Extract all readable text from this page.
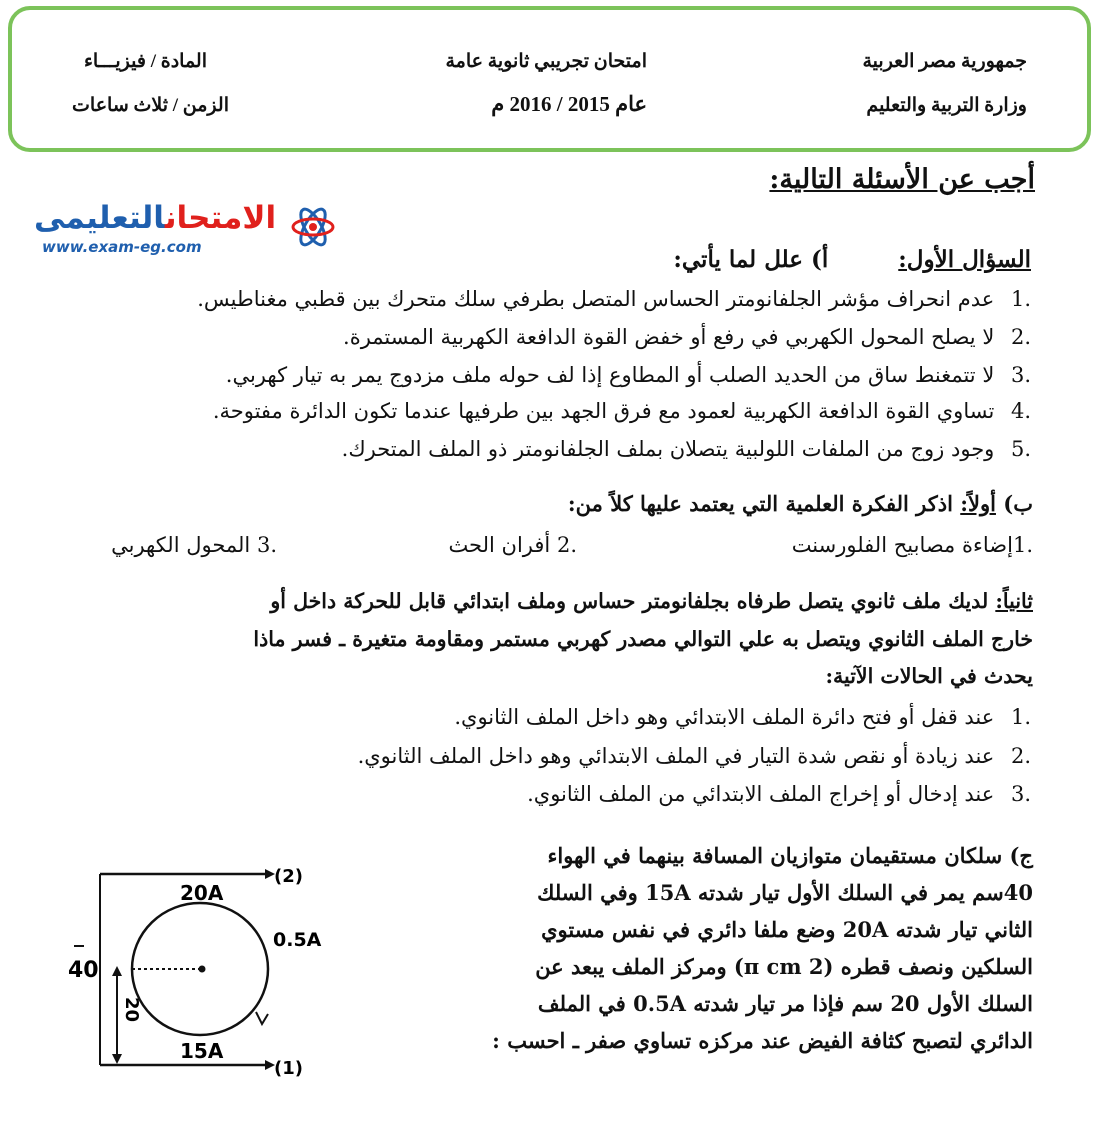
جمهورية مصر العربية
وزارة التربية والتعليم
امتحان تجريبي ثانوية عامة
عام 2015 / 2016 م
المادة / فيزيـــاء
الزمن / ثلاث ساعات
أجب عن الأسئلة التالية:
الامتحانالتعليمى
www.exam-eg.com	السؤال الأول:  أ) علل لما يأتي:
.1 عدم انحراف مؤشر الجلفانومتر الحساس المتصل بطرفي سلك متحرك بين قطبي مغناطيس.
.2 لا يصلح المحول الكهربي في رفع أو خفض القوة الدافعة الكهربية المستمرة.
.3 لا تتمغنط ساق من الحديد الصلب أو المطاوع إذا لف حوله ملف مزدوج يمر به تيار كهربي.
.4 تساوي القوة الدافعة الكهربية لعمود مع فرق الجهد بين طرفيها عندما تكون الدائرة مفتوحة.
.5 وجود زوج من الملفات اللولبية يتصلان بملف الجلفانومتر ذو الملف المتحرك.
ب) أولاً: اذكر الفكرة العلمية التي يعتمد عليها كلاً من:
.1إضاءة مصابيح الفلورسنت
.2 أفران الحث
.3 المحول الكهربي
ثانياً: لديك ملف ثانوي يتصل طرفاه بجلفانومتر حساس وملف ابتدائي قابل للحركة داخل أو
خارج الملف الثانوي ويتصل به علي التوالي مصدر كهربي مستمر ومقاومة متغيرة ـ فسر ماذا
يحدث في الحالات الآتية:
.1 عند قفل أو فتح دائرة الملف الابتدائي وهو داخل الملف الثانوي.
.2 عند زيادة أو نقص شدة التيار في الملف الابتدائي وهو داخل الملف الثانوي.
.3 عند إدخال أو إخراج الملف الابتدائي من الملف الثانوي.
ج) سلكان مستقيمان متوازيان المسافة بينهما في الهواء
40سم يمر في السلك الأول تيار شدته 15A وفي السلك
الثاني تيار شدته 20A وضع ملفا دائري في نفس مستوي
السلكين ونصف قطره (2 π cm) ومركز الملف يبعد عن
السلك الأول 20 سم فإذا مر تيار شدته 0.5A في الملف
الدائري لتصبح كثافة الفيض عند مركزه تساوي صفر ـ احسب :
20A
(2)
15A
(1)
40
20
0.5A
